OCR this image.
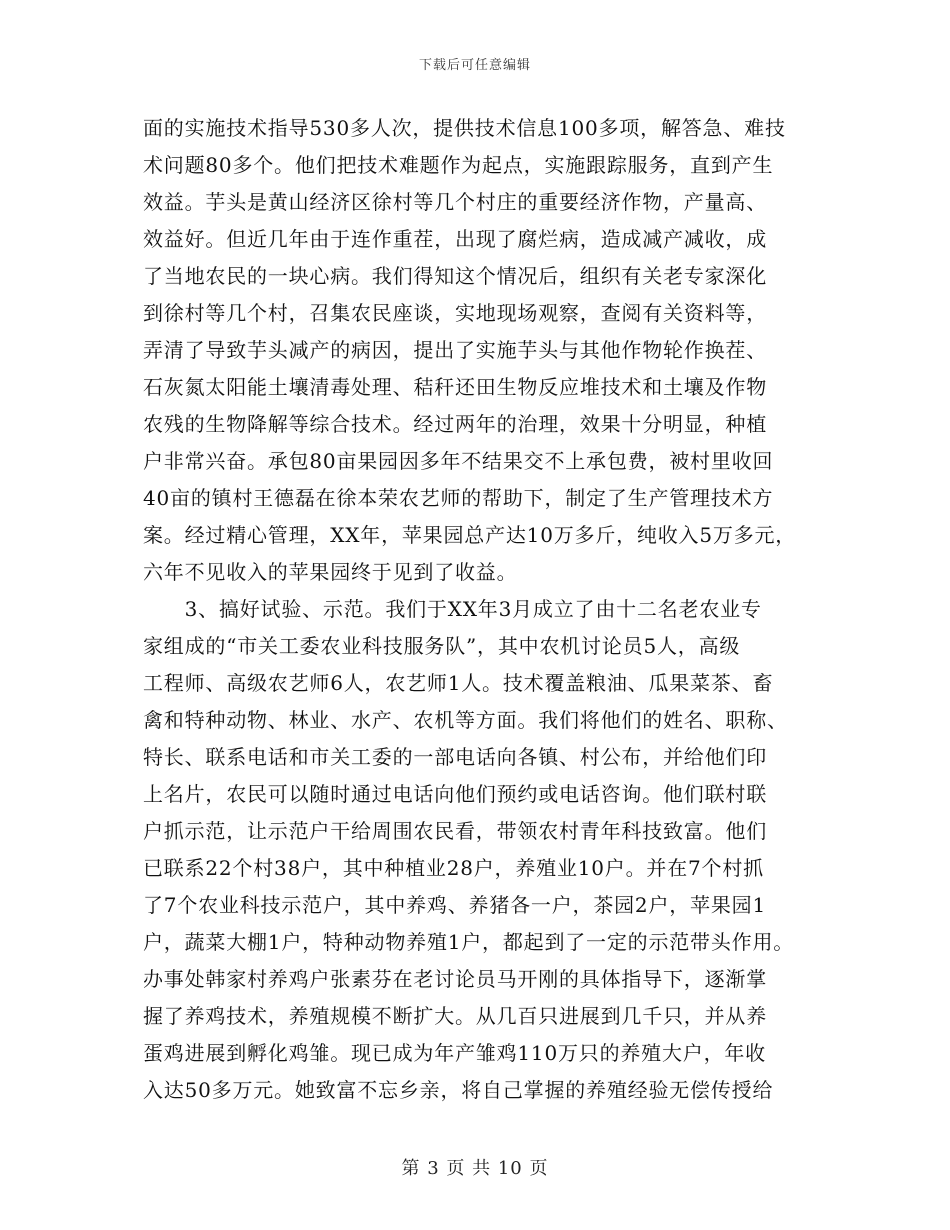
下载后可任意编辑
面的实施技术指导530多人次，提供技术信息100多项，解答急、难技
术问题80多个。他们把技术难题作为起点，实施跟踪服务，直到产生
效益。芋头是黄山经济区徐村等几个村庄的重要经济作物，产量高、
效益好。但近几年由于连作重茬，出现了腐烂病，造成减产减收，成
了当地农民的一块心病。我们得知这个情况后，组织有关老专家深化
到徐村等几个村，召集农民座谈，实地现场观察，查阅有关资料等，
弄清了导致芋头减产的病因，提出了实施芋头与其他作物轮作换茬、
石灰氮太阳能土壤清毒处理、秸秆还田生物反应堆技术和土壤及作物
农残的生物降解等综合技术。经过两年的治理，效果十分明显，种植
户非常兴奋。承包80亩果园因多年不结果交不上承包费，被村里收回
40亩的镇村王德磊在徐本荣农艺师的帮助下，制定了生产管理技术方
案。经过精心管理，XX年，苹果园总产达10万多斤，纯收入5万多元，
六年不见收入的苹果园终于见到了收益。
　　3、搞好试验、示范。我们于XX年3月成立了由十二名老农业专
家组成的“市关工委农业科技服务队”，其中农机讨论员5人，高级
工程师、高级农艺师6人，农艺师1人。技术覆盖粮油、瓜果菜茶、畜
禽和特种动物、林业、水产、农机等方面。我们将他们的姓名、职称、
特长、联系电话和市关工委的一部电话向各镇、村公布，并给他们印
上名片，农民可以随时通过电话向他们预约或电话咨询。他们联村联
户抓示范，让示范户干给周围农民看，带领农村青年科技致富。他们
已联系22个村38户，其中种植业28户，养殖业10户。并在7个村抓
了7个农业科技示范户，其中养鸡、养猪各一户，茶园2户，苹果园1
户，蔬菜大棚1户，特种动物养殖1户，都起到了一定的示范带头作用。
办事处韩家村养鸡户张素芬在老讨论员马开刚的具体指导下，逐渐掌
握了养鸡技术，养殖规模不断扩大。从几百只进展到几千只，并从养
蛋鸡进展到孵化鸡雏。现已成为年产雏鸡110万只的养殖大户，年收
入达50多万元。她致富不忘乡亲，将自己掌握的养殖经验无偿传授给
第 3 页 共 10 页
